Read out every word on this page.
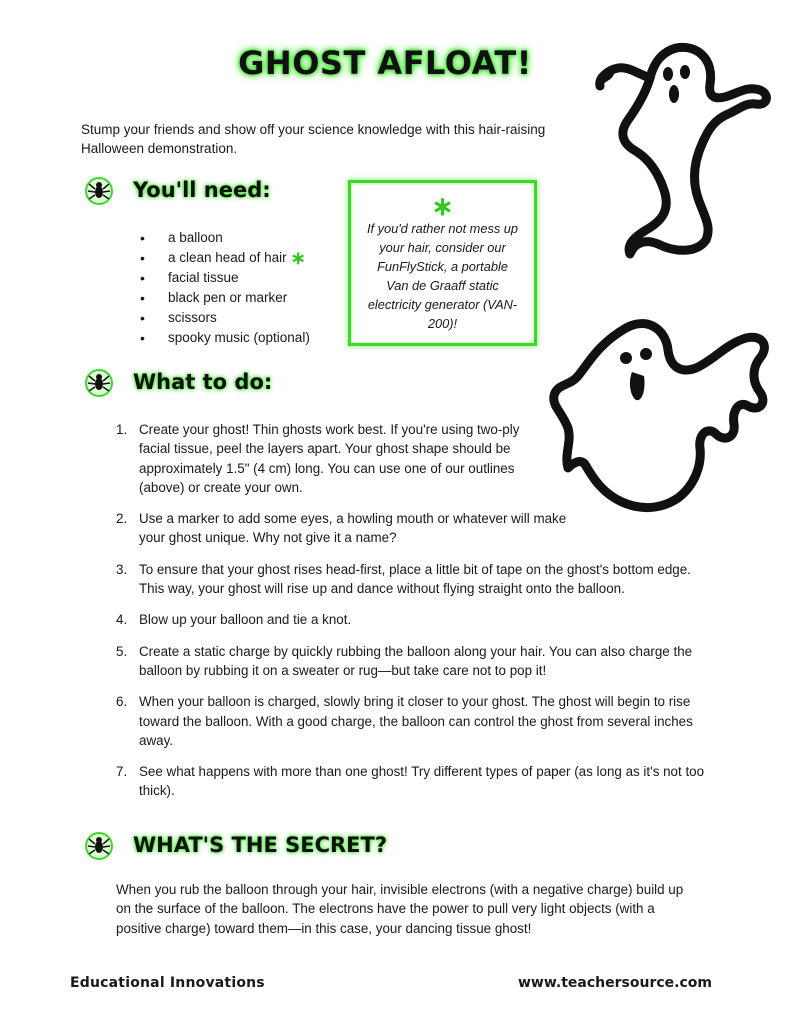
GHOST AFLOAT!
Stump your friends and show off your science knowledge with this hair-raising Halloween demonstration.
You'll need:
• a balloon
• a clean head of hair ∗
• facial tissue
• black pen or marker
• scissors
• spooky music (optional)
∗
If you'd rather not mess up your hair, consider our FunFlyStick, a portable Van de Graaff static electricity generator (VAN-200)!
What to do:
1. Create your ghost! Thin ghosts work best. If you're using two-ply facial tissue, peel the layers apart. Your ghost shape should be approximately 1.5" (4 cm) long. You can use one of our outlines (above) or create your own.
2. Use a marker to add some eyes, a howling mouth or whatever will make your ghost unique. Why not give it a name?
3. To ensure that your ghost rises head-first, place a little bit of tape on the ghost's bottom edge. This way, your ghost will rise up and dance without flying straight onto the balloon.
4. Blow up your balloon and tie a knot.
5. Create a static charge by quickly rubbing the balloon along your hair. You can also charge the balloon by rubbing it on a sweater or rug—but take care not to pop it!
6. When your balloon is charged, slowly bring it closer to your ghost. The ghost will begin to rise toward the balloon. With a good charge, the balloon can control the ghost from several inches away.
7. See what happens with more than one ghost! Try different types of paper (as long as it's not too thick).
WHAT'S THE SECRET?
When you rub the balloon through your hair, invisible electrons (with a negative charge) build up on the surface of the balloon. The electrons have the power to pull very light objects (with a positive charge) toward them—in this case, your dancing tissue ghost!
Educational Innovations	www.teachersource.com
